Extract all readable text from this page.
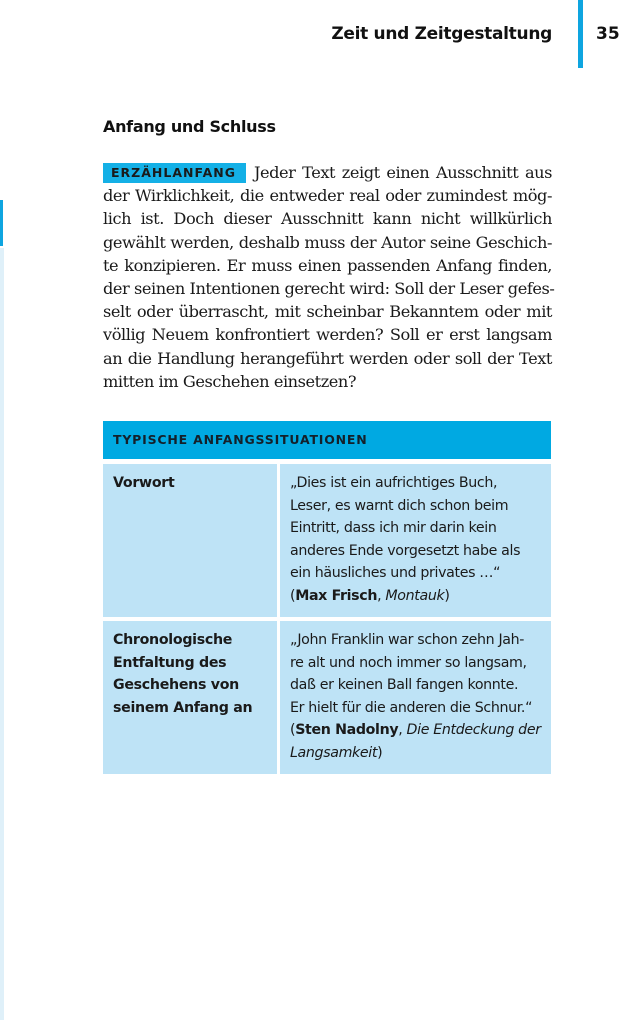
Zeit und Zeitgestaltung	35
Anfang und Schluss
ERZÄHLANFANG Jeder Text zeigt einen Ausschnitt aus
der Wirklichkeit, die entweder real oder zumindest mög-
lich ist. Doch dieser Ausschnitt kann nicht willkürlich
gewählt werden, deshalb muss der Autor seine Geschich-
te konzipieren. Er muss einen passenden Anfang finden,
der seinen Intentionen gerecht wird: Soll der Leser gefes-
selt oder überrascht, mit scheinbar Bekanntem oder mit
völlig Neuem konfrontiert werden? Soll er erst langsam
an die Handlung herangeführt werden oder soll der Text
mitten im Geschehen einsetzen?
TYPISCHE ANFANGSSITUATIONEN
Vorwort	„Dies ist ein aufrichtiges Buch,
Leser, es warnt dich schon beim
Eintritt, dass ich mir darin kein
anderes Ende vorgesetzt habe als
ein häusliches und privates …“
(Max Frisch, Montauk)
Chronologische
Entfaltung des
Geschehens von
seinem Anfang an
„John Franklin war schon zehn Jah-
re alt und noch immer so langsam,
daß er keinen Ball fangen konnte.
Er hielt für die anderen die Schnur.“
(Sten Nadolny, Die Entdeckung der
Langsamkeit)
